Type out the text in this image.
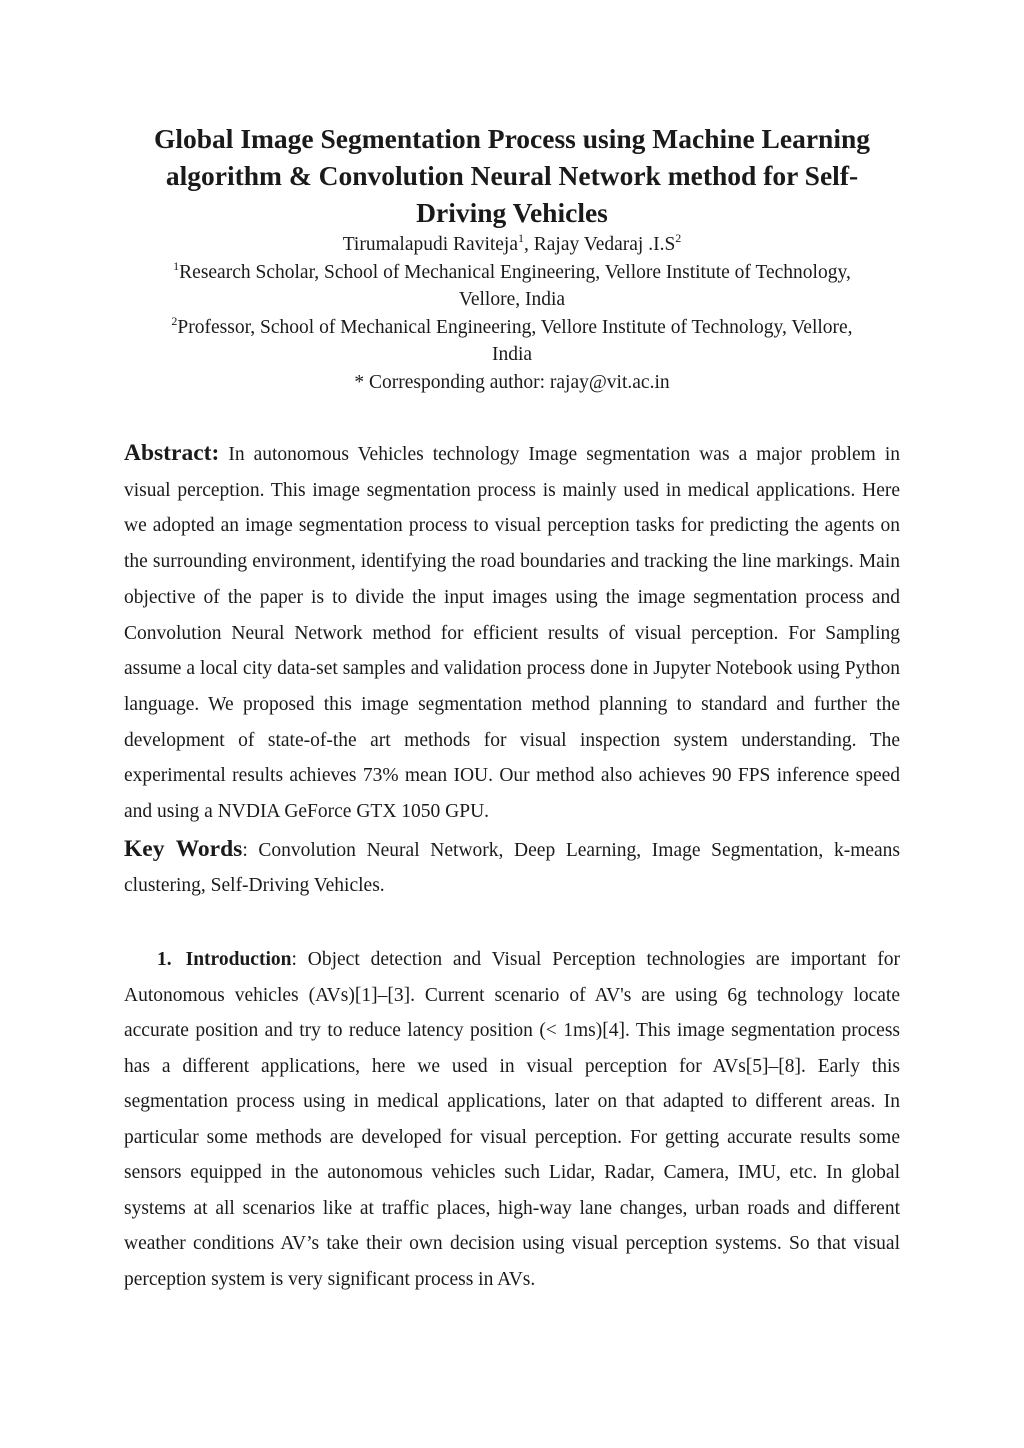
Global Image Segmentation Process using Machine Learning
algorithm & Convolution Neural Network method for Self-
Driving Vehicles
Tirumalapudi Raviteja$^1$, Rajay Vedaraj $.I.S^2$
$^1$Research Scholar, School of Mechanical Engineering, Vellore Institute of Technology,
Vellore, India
$^2$Professor, School of Mechanical Engineering, Vellore Institute of Technology, Vellore,
India
* Corresponding author: rajay@vit.ac.in
Abstract: In autonomous Vehicles technology Image segmentation was a major problem in visual perception. This image segmentation process is mainly used in medical applications. Here we adopted an image segmentation process to visual perception tasks for predicting the agents on the surrounding environment, identifying the road boundaries and tracking the line markings. Main objective of the paper is to divide the input images using the image segmentation process and Convolution Neural Network method for efficient results of visual perception. For Sampling assume a local city data-set samples and validation process done in Jupyter Notebook using Python language. We proposed this image segmentation method planning to standard and further the development of state-of-the art methods for visual inspection system understanding. The experimental results achieves 73% mean IOU. Our method also achieves 90 FPS inference speed and using a NVDIA GeForce GTX 1050 GPU.
Key Words: Convolution Neural Network, Deep Learning, Image Segmentation, k-means clustering, Self-Driving Vehicles.
1. Introduction: Object detection and Visual Perception technologies are important for Autonomous vehicles (AVs)[1]–[3]. Current scenario of AV's are using 6g technology locate accurate position and try to reduce latency position (< 1ms)[4]. This image segmentation process has a different applications, here we used in visual perception for AVs[5]–[8]. Early this segmentation process using in medical applications, later on that adapted to different areas. In particular some methods are developed for visual perception. For getting accurate results some sensors equipped in the autonomous vehicles such Lidar, Radar, Camera, IMU, etc. In global systems at all scenarios like at traffic places, high-way lane changes, urban roads and different weather conditions AV’s take their own decision using visual perception systems. So that visual perception system is very significant process in AVs.
